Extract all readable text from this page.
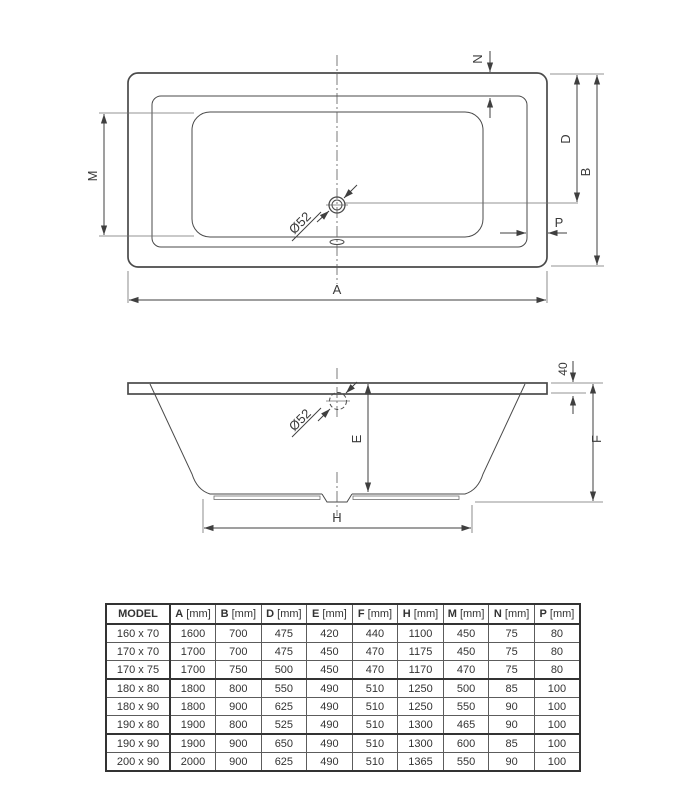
Ø52
M
N
D
B
P
A
Ø52
E
40
F
H
MODEL	A [mm]	B [mm]	D [mm]	E [mm]	F [mm]	H [mm]	M [mm]	N [mm]	P [mm]
160 x 70	1600	700	475	420	440	1100	450	75	80
170 x 70	1700	700	475	450	470	1175	450	75	80
170 x 75	1700	750	500	450	470	1170	470	75	80
180 x 80	1800	800	550	490	510	1250	500	85	100
180 x 90	1800	900	625	490	510	1250	550	90	100
190 x 80	1900	800	525	490	510	1300	465	90	100
190 x 90	1900	900	650	490	510	1300	600	85	100
200 x 90	2000	900	625	490	510	1365	550	90	100
